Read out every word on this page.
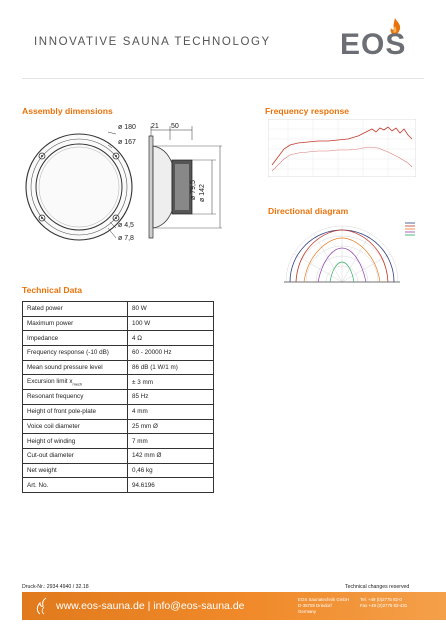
INNOVATIVE SAUNA TECHNOLOGY EOS
Assembly dimensions	Frequency response
Directional diagram
Technical Data
ø 180
ø 167
ø 4,5
ø 7,8
21 50
ø 79,5 ø 142
Rated power	80 W
Maximum power	100 W
Impedance	4 Ω
Frequency response (-10 dB)	60 - 20000 Hz
Mean sound pressure level	86 dB (1 W/1 m)
Excursion limit $x_{mech}$	± 3 mm
Resonant frequency	85 Hz
Height of front pole-plate	4 mm
Voice coil diameter	25 mm Ø
Height of winding	7 mm
Cut-out diameter	142 mm Ø
Net weight	0,46 kg
Art. No.	94.6196
Druck-Nr.: 2934 4940 / 32.18	Technical changes reserved
www.eos-sauna.de | info@eos-sauna.de
EOS Saunatechnik GmbH
D-35759 Driedorf
Germany
Tel. +49 (0)2775 82-0
Fax +49 (0)2775 82-431
